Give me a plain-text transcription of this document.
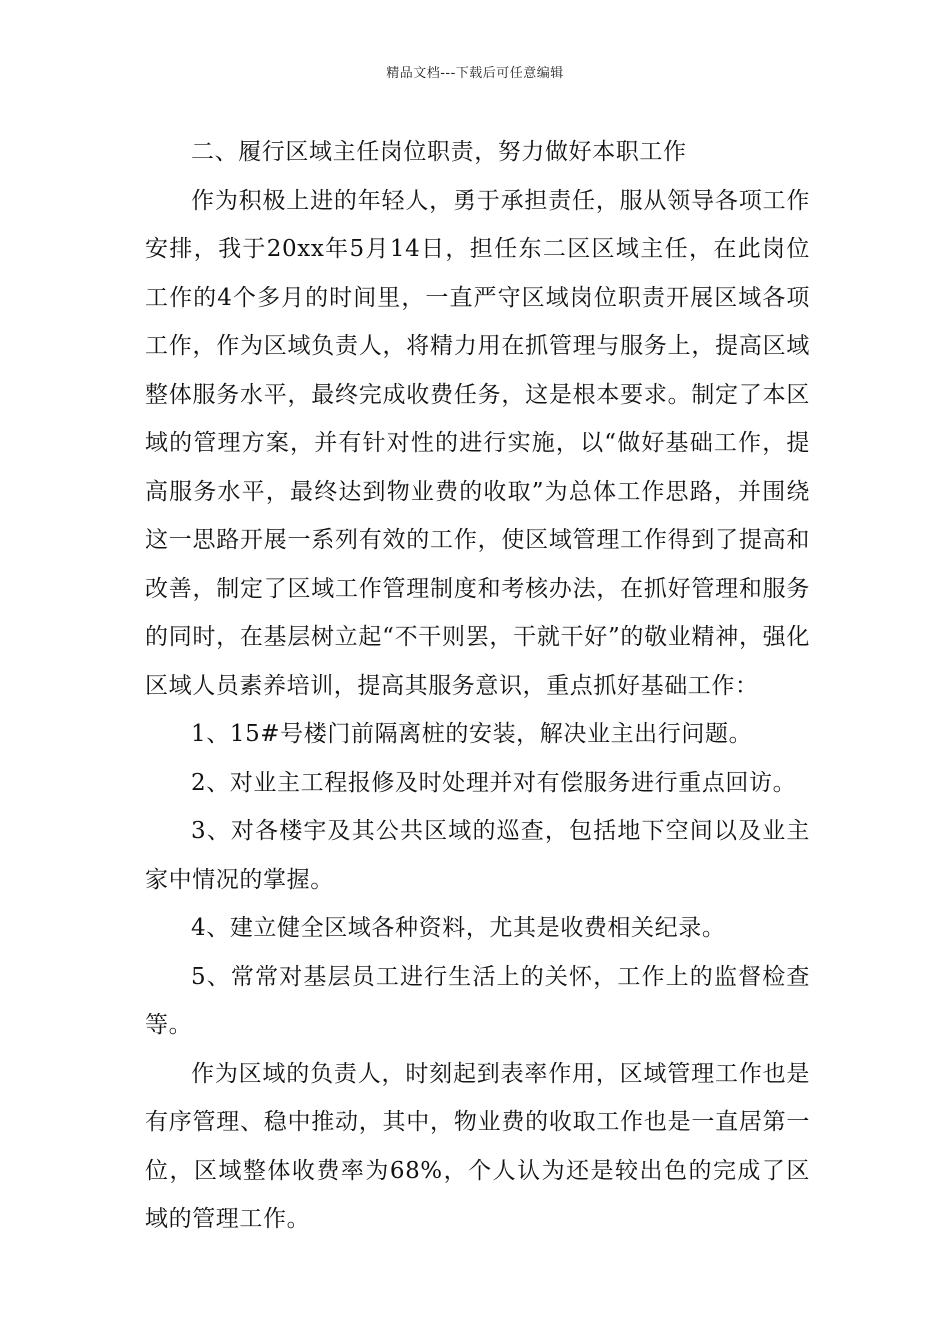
精品文档---下载后可任意编辑

二、履行区域主任岗位职责，努力做好本职工作

作为积极上进的年轻人，勇于承担责任，服从领导各项工作安排，我于20xx年5月14日，担任东二区区域主任，在此岗位工作的4个多月的时间里，一直严守区域岗位职责开展区域各项工作，作为区域负责人，将精力用在抓管理与服务上，提高区域整体服务水平，最终完成收费任务，这是根本要求。制定了本区域的管理方案，并有针对性的进行实施，以“做好基础工作，提高服务水平，最终达到物业费的收取”为总体工作思路，并围绕这一思路开展一系列有效的工作，使区域管理工作得到了提高和改善，制定了区域工作管理制度和考核办法，在抓好管理和服务的同时，在基层树立起“不干则罢，干就干好”的敬业精神，强化区域人员素养培训，提高其服务意识，重点抓好基础工作：

1、15#号楼门前隔离桩的安装，解决业主出行问题。

2、对业主工程报修及时处理并对有偿服务进行重点回访。

3、对各楼宇及其公共区域的巡查，包括地下空间以及业主家中情况的掌握。

4、建立健全区域各种资料，尤其是收费相关纪录。

5、常常对基层员工进行生活上的关怀，工作上的监督检查等。

作为区域的负责人，时刻起到表率作用，区域管理工作也是有序管理、稳中推动，其中，物业费的收取工作也是一直居第一位，区域整体收费率为68%，个人认为还是较出色的完成了区域的管理工作。
